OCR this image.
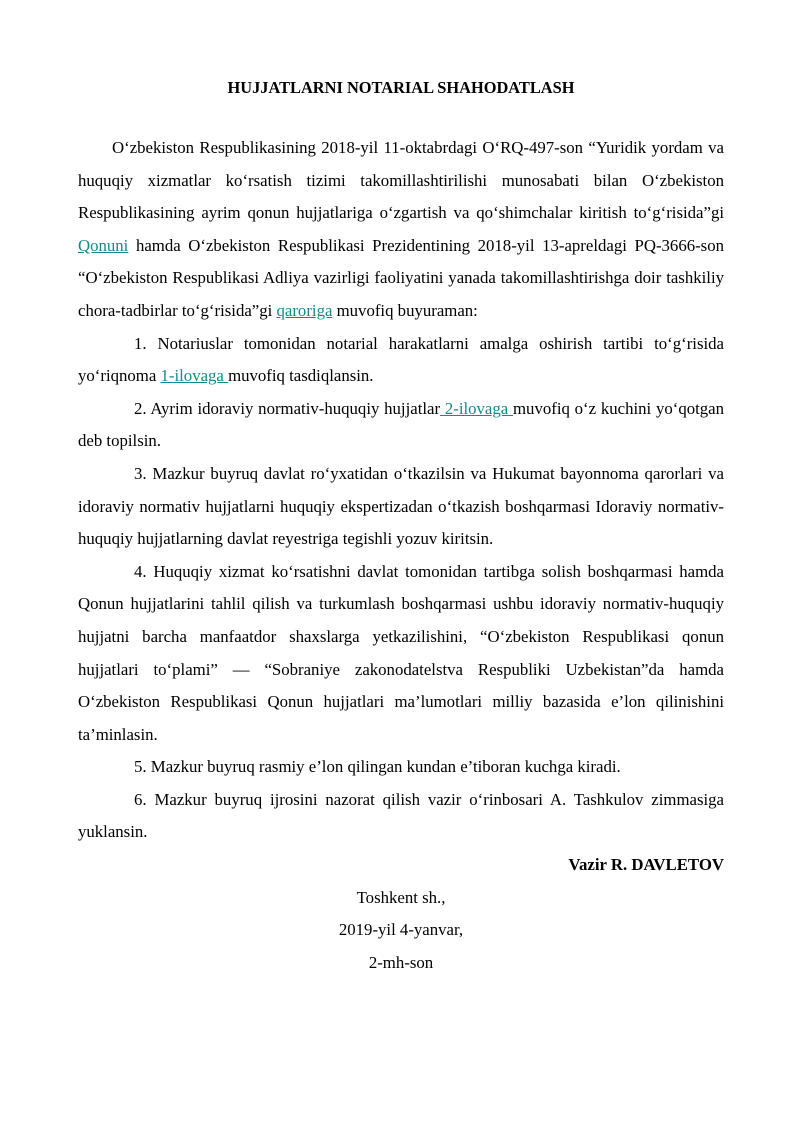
HUJJATLARNI NOTARIAL SHAHODATLASH

O‘zbekiston Respublikasining 2018-yil 11-oktabrdagi O‘RQ-497-son “Yuridik yordam va huquqiy xizmatlar ko‘rsatish tizimi takomillashtirilishi munosabati bilan O‘zbekiston Respublikasining ayrim qonun hujjatlariga o‘zgartish va qo‘shimchalar kiritish to‘g‘risida”gi Qonuni hamda O‘zbekiston Respublikasi Prezidentining 2018-yil 13-apreldagi PQ-3666-son “O‘zbekiston Respublikasi Adliya vazirligi faoliyatini yanada takomillashtirishga doir tashkiliy chora-tadbirlar to‘g‘risida”gi qaroriga muvofiq buyuraman:

1. Notariuslar tomonidan notarial harakatlarni amalga oshirish tartibi to‘g‘risida yo‘riqnoma 1-ilovaga muvofiq tasdiqlansin.

2. Ayrim idoraviy normativ-huquqiy hujjatlar 2-ilovaga muvofiq o‘z kuchini yo‘qotgan deb topilsin.

3. Mazkur buyruq davlat ro‘yxatidan o‘tkazilsin va Hukumat bayonnoma qarorlari va idoraviy normativ hujjatlarni huquqiy ekspertizadan o‘tkazish boshqarmasi Idoraviy normativ-huquqiy hujjatlarning davlat reyestriga tegishli yozuv kiritsin.

4. Huquqiy xizmat ko‘rsatishni davlat tomonidan tartibga solish boshqarmasi hamda Qonun hujjatlarini tahlil qilish va turkumlash boshqarmasi ushbu idoraviy normativ-huquqiy hujjatni barcha manfaatdor shaxslarga yetkazilishini, “O‘zbekiston Respublikasi qonun hujjatlari to‘plami” — “Sobraniye zakonodatelstva Respubliki Uzbekistan”da hamda O‘zbekiston Respublikasi Qonun hujjatlari ma’lumotlari milliy bazasida e’lon qilinishini ta’minlasin.

5. Mazkur buyruq rasmiy e’lon qilingan kundan e’tiboran kuchga kiradi.

6. Mazkur buyruq ijrosini nazorat qilish vazir o‘rinbosari A. Tashkulov zimmasiga yuklansin.

Vazir R. DAVLETOV
Toshkent sh.,
2019-yil 4-yanvar,
2-mh-son
